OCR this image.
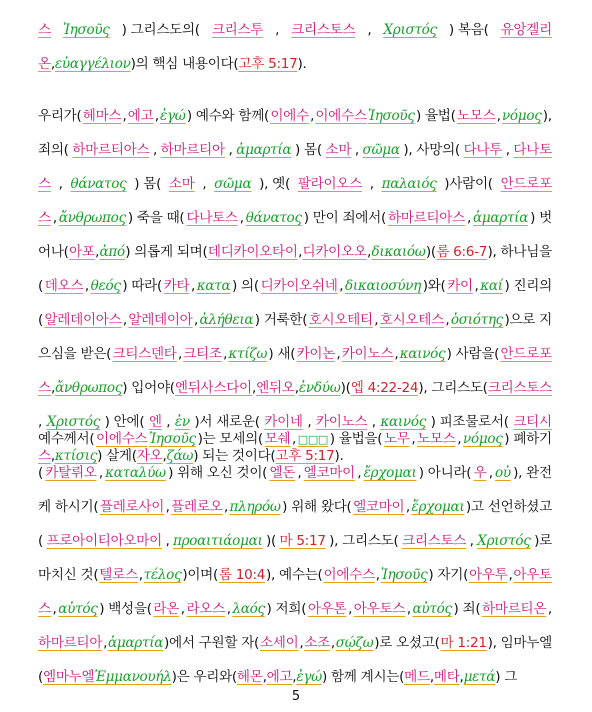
스 Ἰησοῦς ) 그리스도의( 크리스투 , 크리스토스 , Χριστός ) 복음( 유앙겔리
온 , εὐαγγέλιον )의 핵심 내용이다( 고후 5:17 ).
우리가( 헤마스 , 에고 , ἐγώ ) 예수와 함께( 이에수 , 이에수스 Ἰησοῦς ) 율법( 노모스 , νόμος ),
죄의( 하마르티아스 , 하마르티아 , ἁμαρτία ) 몸( 소마 , σῶμα ), 사망의( 다나투 , 다나토
스 , θάνατος ) 몸( 소마 , σῶμα ), 옛( 팔라이오스 , παλαιός )사람이( 안드로포
스 , ἄνθρωπος ) 죽을 때( 다나토스 , θάνατος ) 만이 죄에서( 하마르티아스 , ἁμαρτία ) 벗
어나( 아포 , ἀπό ) 의롭게 되며( 데디카이오타이 , 디카이오오 , δικαιόω )( 롬 6:6-7 ), 하나님을
( 데오스 , θεός ) 따라( 카타 , κατα ) 의( 디카이오쉬네 , δικαιοσύνη )와( 카이 , καί ) 진리의
( 알레데이아스 , 알레데이아 , ἀλήθεια ) 거룩한( 호시오테티 , 호시오테스 , ὁσιότης )으로 지
으심을 받은( 크티스덴타 , 크티조 , κτίζω ) 새( 카이논 , 카이노스 , καινός ) 사람을( 안드로포
스 , ἄνθρωπος ) 입어야( 엔뒤사스다이 , 엔뒤오 , ἐνδύω )( 엡 4:22-24 ), 그리스도( 크리스토스
, Χριστός ) 안에( 엔 , ἐν )서 새로운( 카이네 , 카이노스 , καινός ) 피조물로서( 크티시
스 , κτίσις ) 살게( 자오 , ζάω ) 되는 것이다( 고후 5:17 ).
예수께서( 이에수스 Ἰησοῦς )는 모세의( 모쉐 , □□□ ) 율법을( 노무 , 노모스 , νόμος ) 폐하기
( 카탈뤼오 , καταλύω ) 위해 오신 것이( 엘돈 , 엘코마이 , ἔρχομαι ) 아니라( 우 , οὐ ), 완전
케 하시기( 플레로사이 , 플레로오 , πληρόω ) 위해 왔다( 엘코마이 , ἔρχομαι )고 선언하셨고
( 프로아이티아오마이 , προαιτιάομαι )( 마 5:17 ), 그리스도( 크리스토스 , Χριστός )로
마치신 것( 텔로스 , τέλος )이며( 롬 10:4 ), 예수는( 이에수스 , Ἰησοῦς ) 자기( 아우투 , 아우토
스 , αὐτός ) 백성을( 라온 , 라오스 , λαός ) 저희( 아우톤 , 아우토스 , αὐτός ) 죄( 하마르티온 ,
하마르티아 , ἁμαρτία )에서 구원할 자( 소세이 , 소조 , σῴζω )로 오셨고( 마 1:21 ), 임마누엘
( 엠마누엘 Ἐμμανουήλ )은 우리와( 헤몬 , 에고 , ἐγώ ) 함께 계시는( 메드 , 메타 , μετά ) 그
5
